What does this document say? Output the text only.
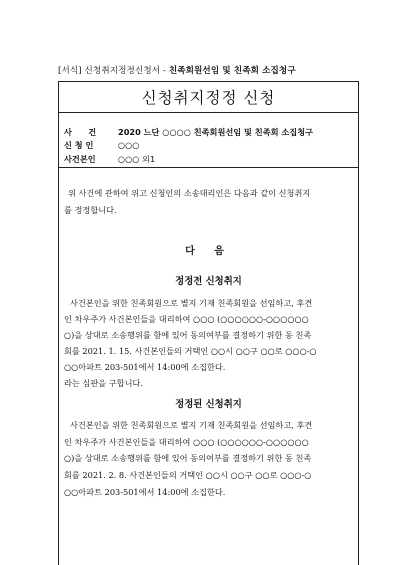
[서식] 신청취지정정신청서 - 친족회원선임 및 친족회 소집청구
신청취지정정 신청
사　　건	2020 느단 ○○○○ 친족회원선임 및 친족회 소집청구
신 청 인	○○○
사건본인	○○○ 외1
위 사건에 관하여 위고 신청인의 소송대리인은 다음과 같이 신청취지
를 정정합니다.
다 음
정정전 신청취지
사건본인을 위한 친족회원으로 별지 기재 친족회원을 선임하고, 후견
인 차우주가 사건본인들을 대리하여 ○○○ (○○○○○○-○○○○○○
○)을 상대로 소송행위를 함에 있어 동의여부를 결정하기 위한 동 친족
회를 2021. 1. 15. 사건본인들의 거택인 ○○시 ○○구 ○○로 ○○○-○
○○아파트 203-501에서 14:00에 소집한다.
라는 심판을 구합니다.
정정된 신청취지
사건본인을 위한 친족회원으로 별지 기재 친족회원을 선임하고, 후견
인 차우주가 사건본인들을 대리하여 ○○○ (○○○○○○-○○○○○○
○)을 상대로 소송행위를 함에 있어 동의여부를 결정하기 위한 동 친족
회를 2021. 2. 8. 사건본인들의 거택인 ○○시 ○○구 ○○로 ○○○-○
○○아파트 203-501에서 14:00에 소집한다.
